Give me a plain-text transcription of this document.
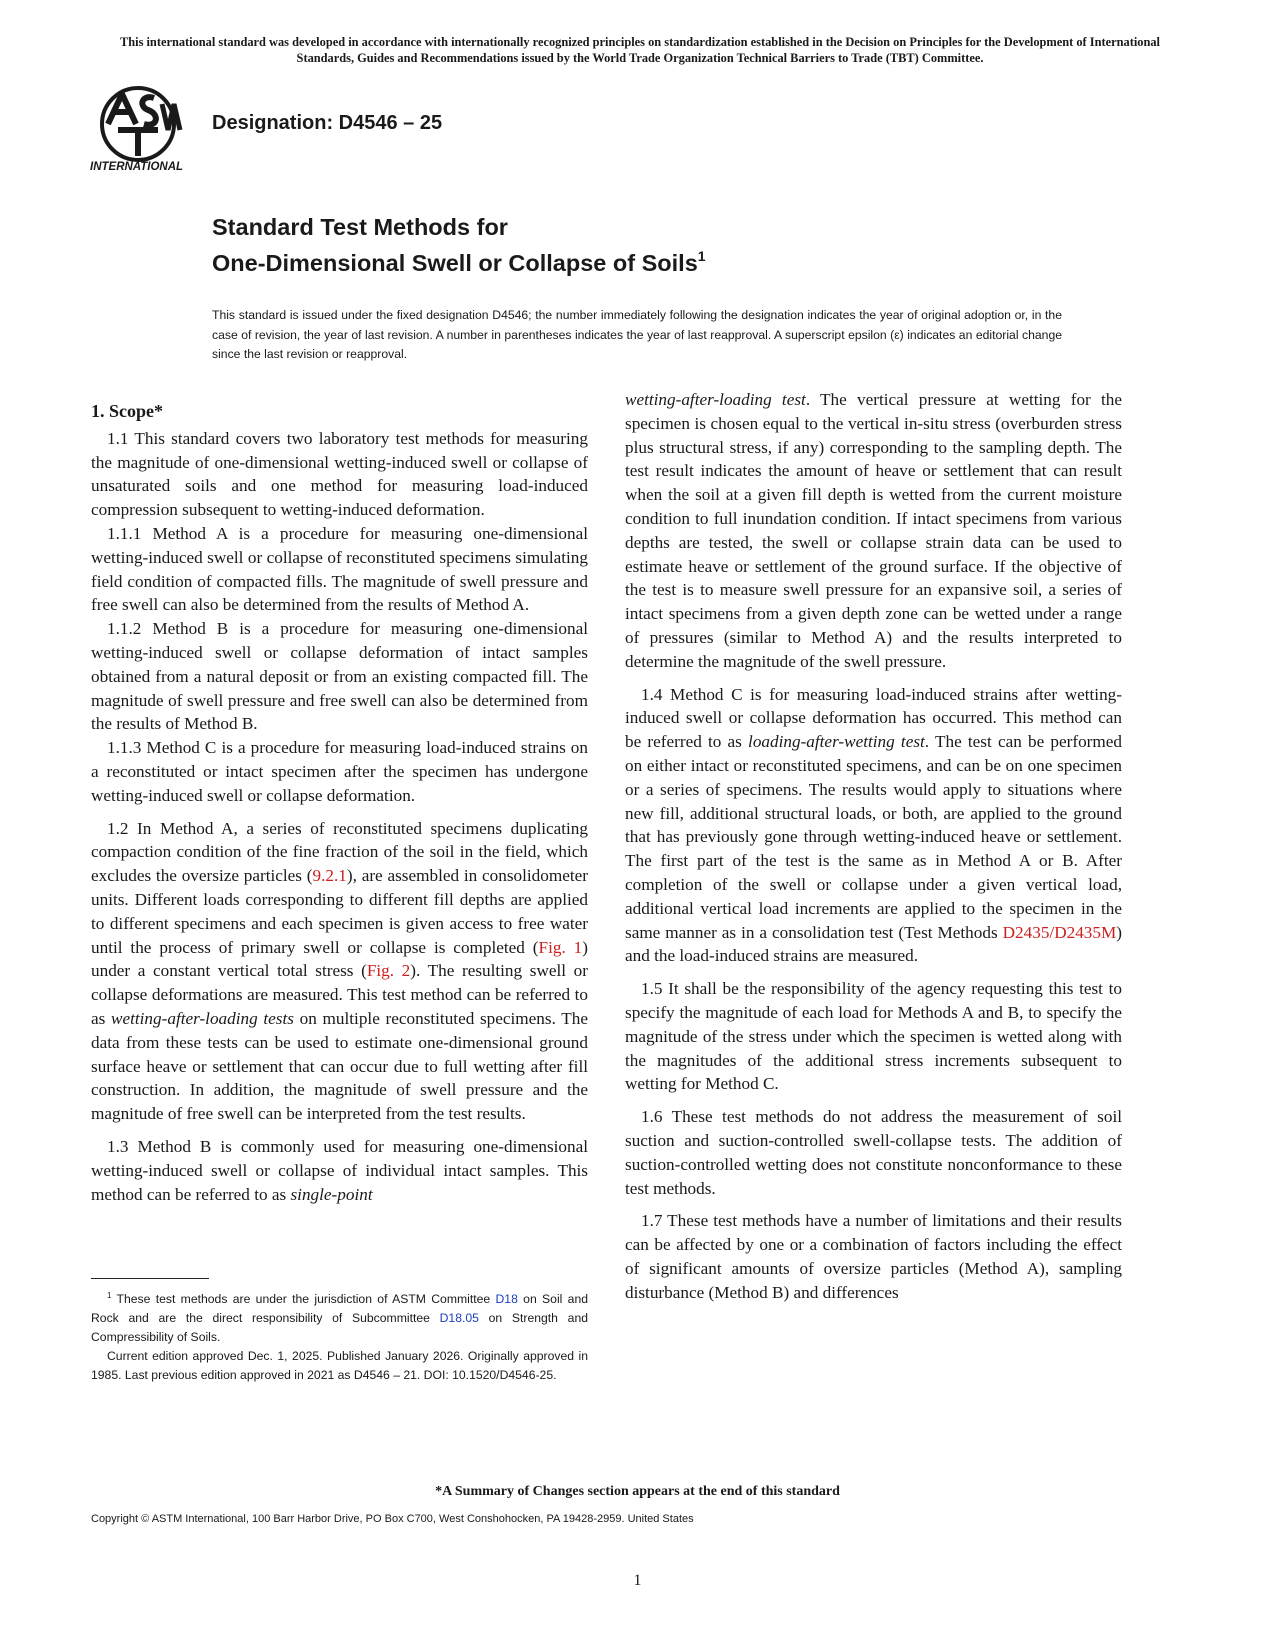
This international standard was developed in accordance with internationally recognized principles on standardization established in the Decision on Principles for the Development of International Standards, Guides and Recommendations issued by the World Trade Organization Technical Barriers to Trade (TBT) Committee.
INTERNATIONAL
Designation: D4546 – 25
Standard Test Methods for
One-Dimensional Swell or Collapse of Soils$^1$
This standard is issued under the fixed designation D4546; the number immediately following the designation indicates the year of original adoption or, in the case of revision, the year of last revision. A number in parentheses indicates the year of last reapproval. A superscript epsilon (ε) indicates an editorial change since the last revision or reapproval.
1. Scope*

1.1 This standard covers two laboratory test methods for measuring the magnitude of one-dimensional wetting-induced swell or collapse of unsaturated soils and one method for measuring load-induced compression subsequent to wetting-induced deformation.

1.1.1 Method A is a procedure for measuring one-dimensional wetting-induced swell or collapse of reconstituted specimens simulating field condition of compacted fills. The magnitude of swell pressure and free swell can also be determined from the results of Method A.

1.1.2 Method B is a procedure for measuring one-dimensional wetting-induced swell or collapse deformation of intact samples obtained from a natural deposit or from an existing compacted fill. The magnitude of swell pressure and free swell can also be determined from the results of Method B.

1.1.3 Method C is a procedure for measuring load-induced strains on a reconstituted or intact specimen after the specimen has undergone wetting-induced swell or collapse deformation.

1.2 In Method A, a series of reconstituted specimens duplicating compaction condition of the fine fraction of the soil in the field, which excludes the oversize particles (9.2.1), are assembled in consolidometer units. Different loads corresponding to different fill depths are applied to different specimens and each specimen is given access to free water until the process of primary swell or collapse is completed (Fig. 1) under a constant vertical total stress (Fig. 2). The resulting swell or collapse deformations are measured. This test method can be referred to as wetting-after-loading tests on multiple reconstituted specimens. The data from these tests can be used to estimate one-dimensional ground surface heave or settlement that can occur due to full wetting after fill construction. In addition, the magnitude of swell pressure and the magnitude of free swell can be interpreted from the test results.

1.3 Method B is commonly used for measuring one-dimensional wetting-induced swell or collapse of individual intact samples. This method can be referred to as single-point

wetting-after-loading test. The vertical pressure at wetting for the specimen is chosen equal to the vertical in-situ stress (overburden stress plus structural stress, if any) corresponding to the sampling depth. The test result indicates the amount of heave or settlement that can result when the soil at a given fill depth is wetted from the current moisture condition to full inundation condition. If intact specimens from various depths are tested, the swell or collapse strain data can be used to estimate heave or settlement of the ground surface. If the objective of the test is to measure swell pressure for an expansive soil, a series of intact specimens from a given depth zone can be wetted under a range of pressures (similar to Method A) and the results interpreted to determine the magnitude of the swell pressure.

1.4 Method C is for measuring load-induced strains after wetting-induced swell or collapse deformation has occurred. This method can be referred to as loading-after-wetting test. The test can be performed on either intact or reconstituted specimens, and can be on one specimen or a series of specimens. The results would apply to situations where new fill, additional structural loads, or both, are applied to the ground that has previously gone through wetting-induced heave or settlement. The first part of the test is the same as in Method A or B. After completion of the swell or collapse under a given vertical load, additional vertical load increments are applied to the specimen in the same manner as in a consolidation test (Test Methods D2435/D2435M) and the load-induced strains are measured.

1.5 It shall be the responsibility of the agency requesting this test to specify the magnitude of each load for Methods A and B, to specify the magnitude of the stress under which the specimen is wetted along with the magnitudes of the additional stress increments subsequent to wetting for Method C.

1.6 These test methods do not address the measurement of soil suction and suction-controlled swell-collapse tests. The addition of suction-controlled wetting does not constitute nonconformance to these test methods.

1.7 These test methods have a number of limitations and their results can be affected by one or a combination of factors including the effect of significant amounts of oversize particles (Method A), sampling disturbance (Method B) and differences

$^1$ These test methods are under the jurisdiction of ASTM Committee D18 on Soil and Rock and are the direct responsibility of Subcommittee D18.05 on Strength and Compressibility of Soils.

Current edition approved Dec. 1, 2025. Published January 2026. Originally approved in 1985. Last previous edition approved in 2021 as D4546 – 21. DOI: 10.1520/D4546-25.

*A Summary of Changes section appears at the end of this standard
Copyright © ASTM International, 100 Barr Harbor Drive, PO Box C700, West Conshohocken, PA 19428-2959. United States
1
